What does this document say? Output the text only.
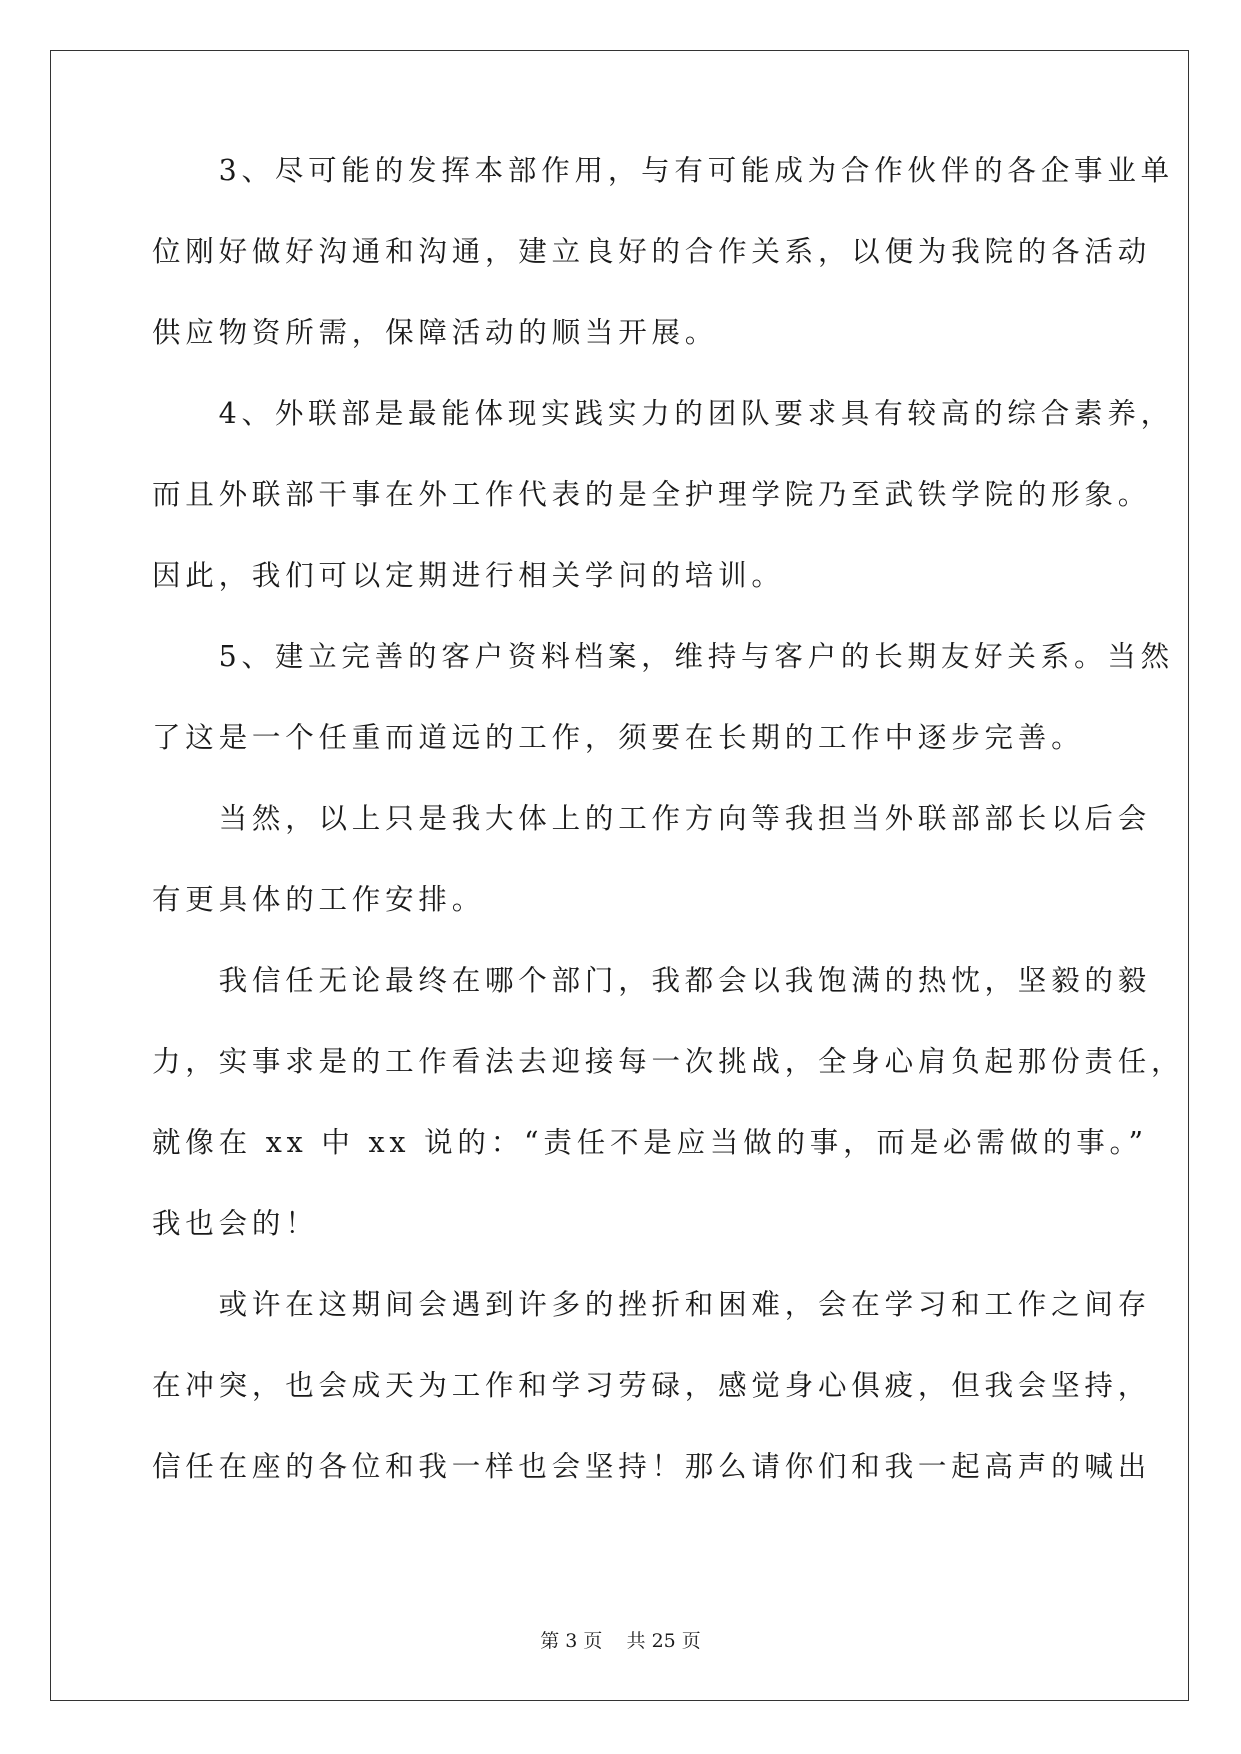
　　3、尽可能的发挥本部作用，与有可能成为合作伙伴的各企事业单
位刚好做好沟通和沟通，建立良好的合作关系，以便为我院的各活动
供应物资所需，保障活动的顺当开展。
　　4、外联部是最能体现实践实力的团队要求具有较高的综合素养，
而且外联部干事在外工作代表的是全护理学院乃至武铁学院的形象。
因此，我们可以定期进行相关学问的培训。
　　5、建立完善的客户资料档案，维持与客户的长期友好关系。当然
了这是一个任重而道远的工作，须要在长期的工作中逐步完善。
　　当然，以上只是我大体上的工作方向等我担当外联部部长以后会
有更具体的工作安排。
　　我信任无论最终在哪个部门，我都会以我饱满的热忱，坚毅的毅
力，实事求是的工作看法去迎接每一次挑战，全身心肩负起那份责任，
就像在 xx 中 xx 说的：“责任不是应当做的事，而是必需做的事。”
我也会的！
　　或许在这期间会遇到许多的挫折和困难，会在学习和工作之间存
在冲突，也会成天为工作和学习劳碌，感觉身心俱疲，但我会坚持，
信任在座的各位和我一样也会坚持！那么请你们和我一起高声的喊出
第 3 页 共 25 页
